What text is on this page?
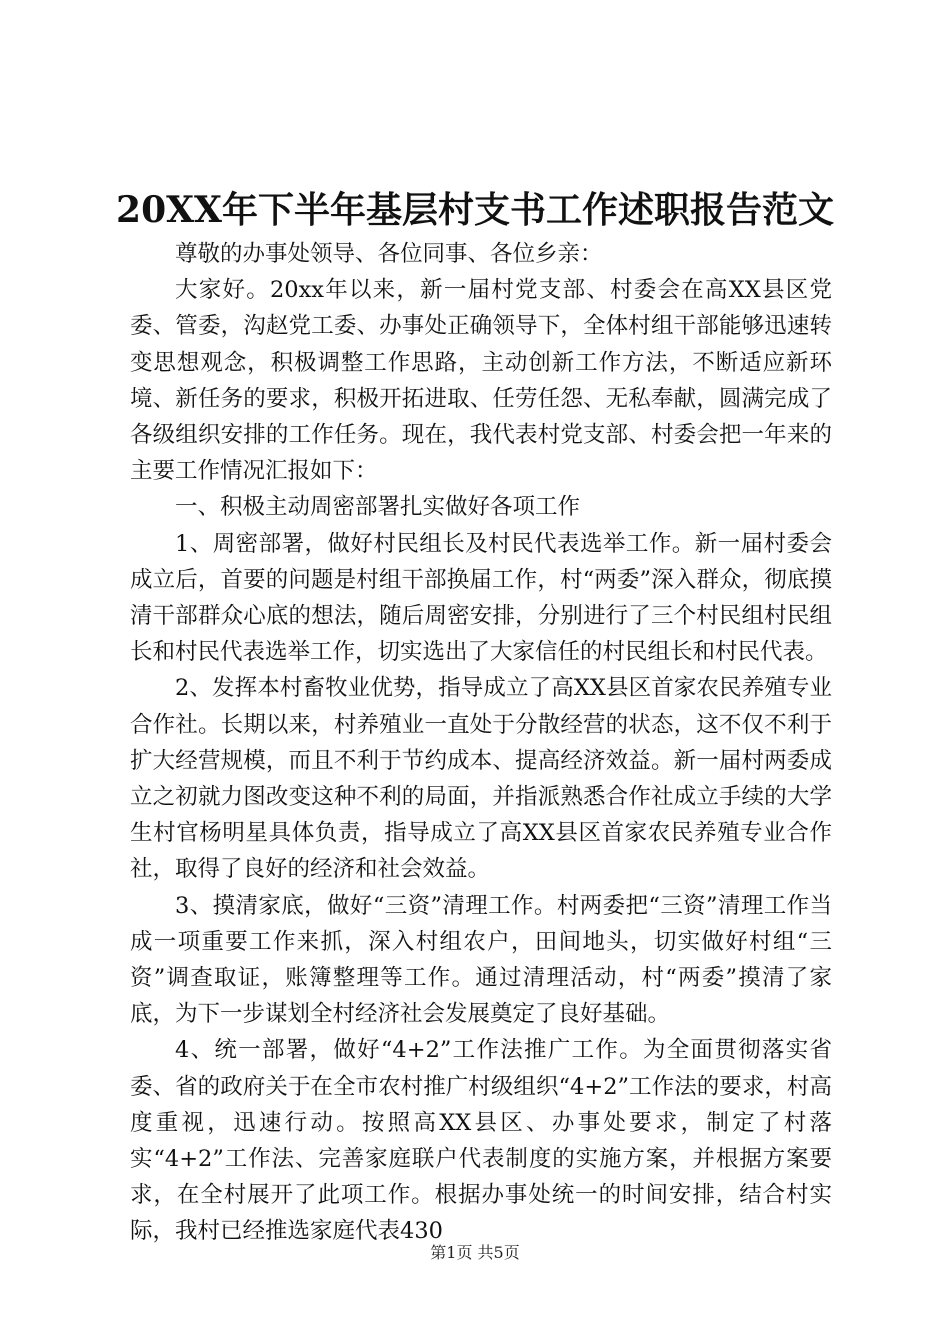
20XX年下半年基层村支书工作述职报告范文

尊敬的办事处领导、各位同事、各位乡亲：

大家好。20xx年以来，新一届村党支部、村委会在高XX县区党委、管委，沟赵党工委、办事处正确领导下，全体村组干部能够迅速转变思想观念，积极调整工作思路，主动创新工作方法，不断适应新环境、新任务的要求，积极开拓进取、任劳任怨、无私奉献，圆满完成了各级组织安排的工作任务。现在，我代表村党支部、村委会把一年来的主要工作情况汇报如下：

一、积极主动周密部署扎实做好各项工作

1、周密部署，做好村民组长及村民代表选举工作。新一届村委会成立后，首要的问题是村组干部换届工作，村“两委”深入群众，彻底摸清干部群众心底的想法，随后周密安排，分别进行了三个村民组村民组长和村民代表选举工作，切实选出了大家信任的村民组长和村民代表。

2、发挥本村畜牧业优势，指导成立了高XX县区首家农民养殖专业合作社。长期以来，村养殖业一直处于分散经营的状态，这不仅不利于扩大经营规模，而且不利于节约成本、提高经济效益。新一届村两委成立之初就力图改变这种不利的局面，并指派熟悉合作社成立手续的大学生村官杨明星具体负责，指导成立了高XX县区首家农民养殖专业合作社，取得了良好的经济和社会效益。

3、摸清家底，做好“三资”清理工作。村两委把“三资”清理工作当成一项重要工作来抓，深入村组农户，田间地头，切实做好村组“三资”调查取证，账簿整理等工作。通过清理活动，村“两委”摸清了家底，为下一步谋划全村经济社会发展奠定了良好基础。

4、统一部署，做好“4+2”工作法推广工作。为全面贯彻落实省委、省的政府关于在全市农村推广村级组织“4+2”工作法的要求，村高度重视，迅速行动。按照高XX县区、办事处要求，制定了村落实“4+2”工作法、完善家庭联户代表制度的实施方案，并根据方案要求，在全村展开了此项工作。根据办事处统一的时间安排，结合村实际，我村已经推选家庭代表430

第1页 共5页
